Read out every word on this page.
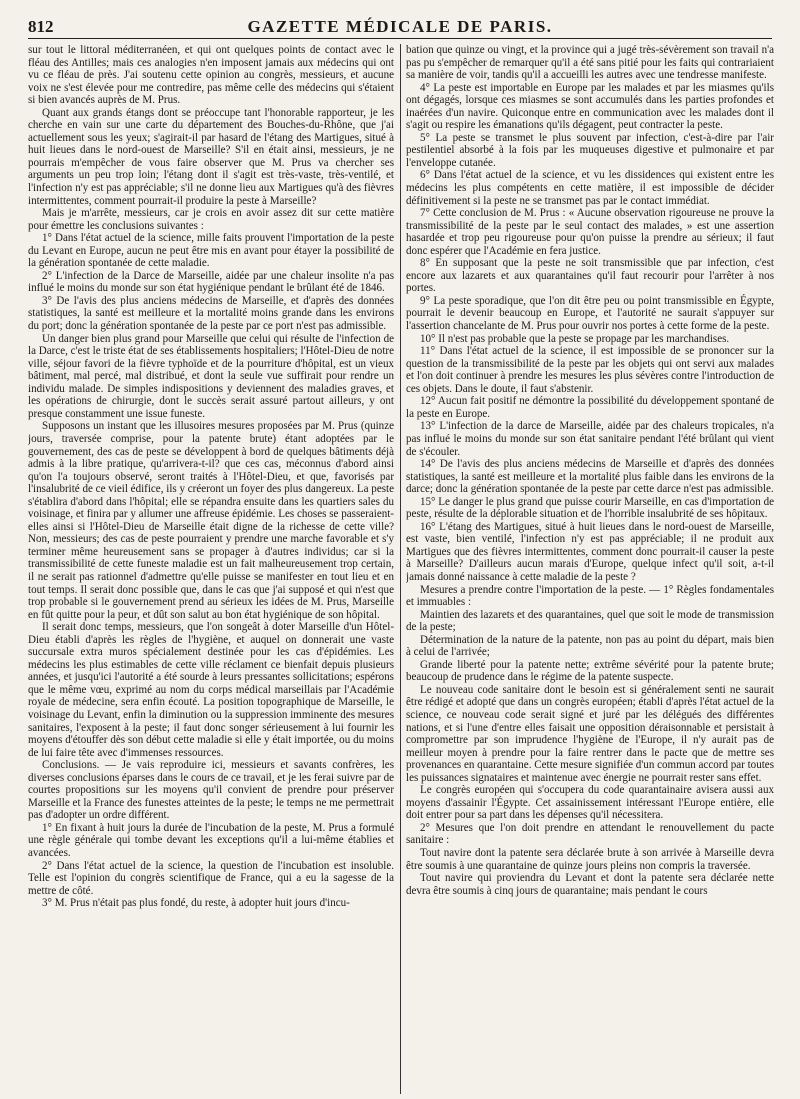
812	GAZETTE MÉDICALE DE PARIS.

sur tout le littoral méditerranéen, et qui ont quelques points de contact avec le fléau des Antilles; mais ces analogies n'en imposent jamais aux médecins qui ont vu ce fléau de près. J'ai soutenu cette opinion au congrès, messieurs, et aucune voix ne s'est élevée pour me contredire, pas même celle des médecins qui s'étaient si bien avancés auprès de M. Prus.

Quant aux grands étangs dont se préoccupe tant l'honorable rapporteur, je les cherche en vain sur une carte du département des Bouches-du-Rhône, que j'ai actuellement sous les yeux; s'agirait-il par hasard de l'étang des Martigues, situé à huit lieues dans le nord-ouest de Marseille? S'il en était ainsi, messieurs, je ne pourrais m'empêcher de vous faire observer que M. Prus va chercher ses arguments un peu trop loin; l'étang dont il s'agit est très-vaste, très-ventilé, et l'infection n'y est pas appréciable; s'il ne donne lieu aux Martigues qu'à des fièvres intermittentes, comment pourrait-il produire la peste à Marseille?

Mais je m'arrête, messieurs, car je crois en avoir assez dit sur cette matière pour émettre les conclusions suivantes :

1° Dans l'état actuel de la science, mille faits prouvent l'importation de la peste du Levant en Europe, aucun ne peut être mis en avant pour étayer la possibilité de la génération spontanée de cette maladie.

2° L'infection de la Darce de Marseille, aidée par une chaleur insolite n'a pas influé le moins du monde sur son état hygiénique pendant le brûlant été de 1846.

3° De l'avis des plus anciens médecins de Marseille, et d'après des données statistiques, la santé est meilleure et la mortalité moins grande dans les environs du port; donc la génération spontanée de la peste par ce port n'est pas admissible.

Un danger bien plus grand pour Marseille que celui qui résulte de l'infection de la Darce, c'est le triste état de ses établissements hospitaliers; l'Hôtel-Dieu de notre ville, séjour favori de la fièvre typhoïde et de la pourriture d'hôpital, est un vieux bâtiment, mal percé, mal distribué, et dont la seule vue suffirait pour rendre un individu malade. De simples indispositions y deviennent des maladies graves, et les opérations de chirurgie, dont le succès serait assuré partout ailleurs, y ont presque constamment une issue funeste.

Supposons un instant que les illusoires mesures proposées par M. Prus (quinze jours, traversée comprise, pour la patente brute) étant adoptées par le gouvernement, des cas de peste se développent à bord de quelques bâtiments déjà admis à la libre pratique, qu'arrivera-t-il? que ces cas, méconnus d'abord ainsi qu'on l'a toujours observé, seront traités à l'Hôtel-Dieu, et que, favorisés par l'insalubrité de ce vieil édifice, ils y créeront un foyer des plus dangereux. La peste s'établira d'abord dans l'hôpital; elle se répandra ensuite dans les quartiers sales du voisinage, et finira par y allumer une affreuse épidémie. Les choses se passeraient-elles ainsi si l'Hôtel-Dieu de Marseille était digne de la richesse de cette ville? Non, messieurs; des cas de peste pourraient y prendre une marche favorable et s'y terminer même heureusement sans se propager à d'autres individus; car si la transmissibilité de cette funeste maladie est un fait malheureusement trop certain, il ne serait pas rationnel d'admettre qu'elle puisse se manifester en tout lieu et en tout temps. Il serait donc possible que, dans le cas que j'ai supposé et qui n'est que trop probable si le gouvernement prend au sérieux les idées de M. Prus, Marseille en fût quitte pour la peur, et dût son salut au bon état hygiénique de son hôpital.

Il serait donc temps, messieurs, que l'on songeât à doter Marseille d'un Hôtel-Dieu établi d'après les règles de l'hygiène, et auquel on donnerait une vaste succursale extra muros spécialement destinée pour les cas d'épidémies. Les médecins les plus estimables de cette ville réclament ce bienfait depuis plusieurs années, et jusqu'ici l'autorité a été sourde à leurs pressantes sollicitations; espérons que le même vœu, exprimé au nom du corps médical marseillais par l'Académie royale de médecine, sera enfin écouté. La position topographique de Marseille, le voisinage du Levant, enfin la diminution ou la suppression imminente des mesures sanitaires, l'exposent à la peste; il faut donc songer sérieusement à lui fournir les moyens d'étouffer dès son début cette maladie si elle y était importée, ou du moins de lui faire tête avec d'immenses ressources.

Conclusions. — Je vais reproduire ici, messieurs et savants confrères, les diverses conclusions éparses dans le cours de ce travail, et je les ferai suivre par de courtes propositions sur les moyens qu'il convient de prendre pour préserver Marseille et la France des funestes atteintes de la peste; le temps ne me permettrait pas d'adopter un ordre différent.

1° En fixant à huit jours la durée de l'incubation de la peste, M. Prus a formulé une règle générale qui tombe devant les exceptions qu'il a lui-même établies et avancées.

2° Dans l'état actuel de la science, la question de l'incubation est insoluble. Telle est l'opinion du congrès scientifique de France, qui a eu la sagesse de la mettre de côté.

3° M. Prus n'était pas plus fondé, du reste, à adopter huit jours d'incu-

bation que quinze ou vingt, et la province qui a jugé très-sévèrement son travail n'a pas pu s'empêcher de remarquer qu'il a été sans pitié pour les faits qui contrariaient sa manière de voir, tandis qu'il a accueilli les autres avec une tendresse manifeste.

4° La peste est importable en Europe par les malades et par les miasmes qu'ils ont dégagés, lorsque ces miasmes se sont accumulés dans les parties profondes et inaérées d'un navire. Quiconque entre en communication avec les malades dont il s'agit ou respire les émanations qu'ils dégagent, peut contracter la peste.

5° La peste se transmet le plus souvent par infection, c'est-à-dire par l'air pestilentiel absorbé à la fois par les muqueuses digestive et pulmonaire et par l'enveloppe cutanée.

6° Dans l'état actuel de la science, et vu les dissidences qui existent entre les médecins les plus compétents en cette matière, il est impossible de décider définitivement si la peste ne se transmet pas par le contact immédiat.

7° Cette conclusion de M. Prus : « Aucune observation rigoureuse ne prouve la transmissibilité de la peste par le seul contact des malades, » est une assertion hasardée et trop peu rigoureuse pour qu'on puisse la prendre au sérieux; il faut donc espérer que l'Académie en fera justice.

8° En supposant que la peste ne soit transmissible que par infection, c'est encore aux lazarets et aux quarantaines qu'il faut recourir pour l'arrêter à nos portes.

9° La peste sporadique, que l'on dit être peu ou point transmissible en Égypte, pourrait le devenir beaucoup en Europe, et l'autorité ne saurait s'appuyer sur l'assertion chancelante de M. Prus pour ouvrir nos portes à cette forme de la peste.

10° Il n'est pas probable que la peste se propage par les marchandises.

11° Dans l'état actuel de la science, il est impossible de se prononcer sur la question de la transmissibilité de la peste par les objets qui ont servi aux malades et l'on doit continuer à prendre les mesures les plus sévères contre l'introduction de ces objets. Dans le doute, il faut s'abstenir.

12° Aucun fait positif ne démontre la possibilité du développement spontané de la peste en Europe.

13° L'infection de la darce de Marseille, aidée par des chaleurs tropicales, n'a pas influé le moins du monde sur son état sanitaire pendant l'été brûlant qui vient de s'écouler.

14° De l'avis des plus anciens médecins de Marseille et d'après des données statistiques, la santé est meilleure et la mortalité plus faible dans les environs de la darce; donc la génération spontanée de la peste par cette darce n'est pas admissible.

15° Le danger le plus grand que puisse courir Marseille, en cas d'importation de peste, résulte de la déplorable situation et de l'horrible insalubrité de ses hôpitaux.

16° L'étang des Martigues, situé à huit lieues dans le nord-ouest de Marseille, est vaste, bien ventilé, l'infection n'y est pas appréciable; il ne produit aux Martigues que des fièvres intermittentes, comment donc pourrait-il causer la peste à Marseille? D'ailleurs aucun marais d'Europe, quelque infect qu'il soit, a-t-il jamais donné naissance à cette maladie de la peste ?

Mesures a prendre contre l'importation de la peste. — 1° Règles fondamentales et immuables :

Maintien des lazarets et des quarantaines, quel que soit le mode de transmission de la peste;

Détermination de la nature de la patente, non pas au point du départ, mais bien à celui de l'arrivée;

Grande liberté pour la patente nette; extrême sévérité pour la patente brute; beaucoup de prudence dans le régime de la patente suspecte.

Le nouveau code sanitaire dont le besoin est si généralement senti ne saurait être rédigé et adopté que dans un congrès européen; établi d'après l'état actuel de la science, ce nouveau code serait signé et juré par les délégués des différentes nations, et si l'une d'entre elles faisait une opposition déraisonnable et persistait à compromettre par son imprudence l'hygiène de l'Europe, il n'y aurait pas de meilleur moyen à prendre pour la faire rentrer dans le pacte que de mettre ses provenances en quarantaine. Cette mesure signifiée d'un commun accord par toutes les puissances signataires et maintenue avec énergie ne pourrait rester sans effet.

Le congrès européen qui s'occupera du code quarantainaire avisera aussi aux moyens d'assainir l'Égypte. Cet assainissement intéressant l'Europe entière, elle doit entrer pour sa part dans les dépenses qu'il nécessitera.

2° Mesures que l'on doit prendre en attendant le renouvellement du pacte sanitaire :

Tout navire dont la patente sera déclarée brute à son arrivée à Marseille devra être soumis à une quarantaine de quinze jours pleins non compris la traversée.

Tout navire qui proviendra du Levant et dont la patente sera déclarée nette devra être soumis à cinq jours de quarantaine; mais pendant le cours
